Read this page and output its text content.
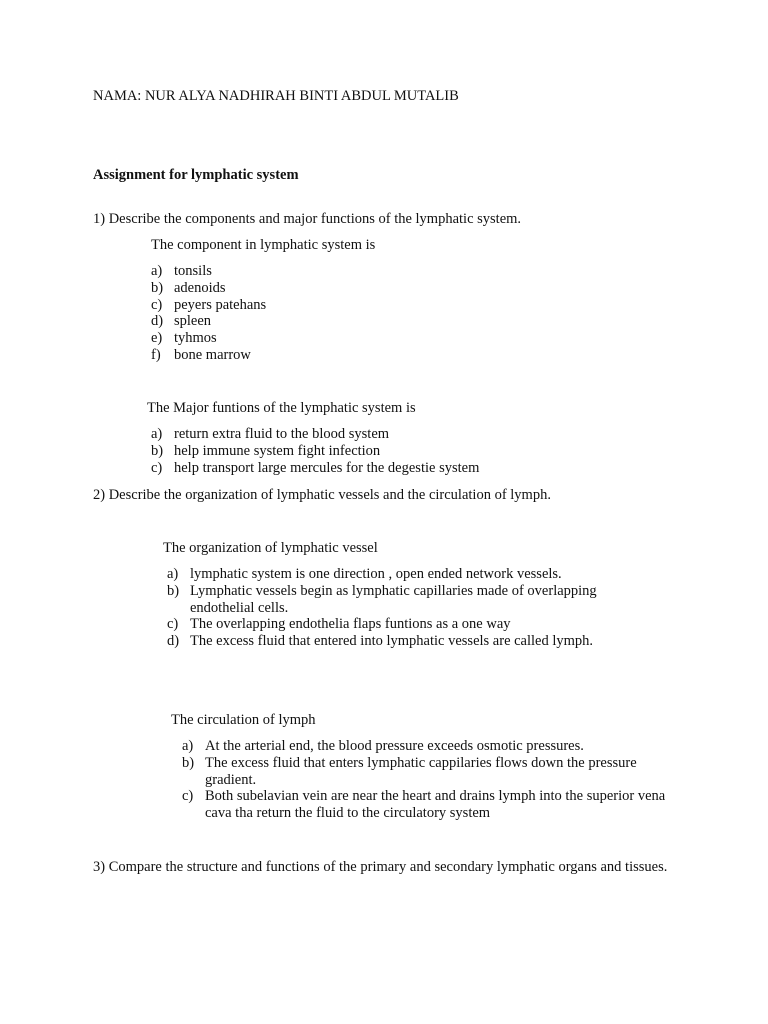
NAMA: NUR ALYA NADHIRAH BINTI ABDUL MUTALIB
Assignment for lymphatic system
1) Describe the components and major functions of the lymphatic system.
The component in lymphatic system is
a) tonsils
b) adenoids
c) peyers patehans
d) spleen
e) tyhmos
f) bone marrow
The Major funtions of the lymphatic system is
a) return extra fluid to the blood system
b) help immune system fight infection
c) help transport large mercules for the degestie system
2) Describe the organization of lymphatic vessels and the circulation of lymph.
The organization of lymphatic vessel
a) lymphatic system is one direction , open ended network vessels.
b) Lymphatic vessels begin as lymphatic capillaries made of overlapping endothelial cells.
c) The overlapping endothelia flaps funtions as a one way
d) The excess fluid that entered into lymphatic vessels are called lymph.
The circulation of lymph
a) At the arterial end, the blood pressure exceeds osmotic pressures.
b) The excess fluid that enters lymphatic cappilaries flows down the pressure gradient.
c) Both subelavian vein are near the heart and drains lymph into the superior vena cava tha return the fluid to the circulatory system
3) Compare the structure and functions of the primary and secondary lymphatic organs and tissues.
